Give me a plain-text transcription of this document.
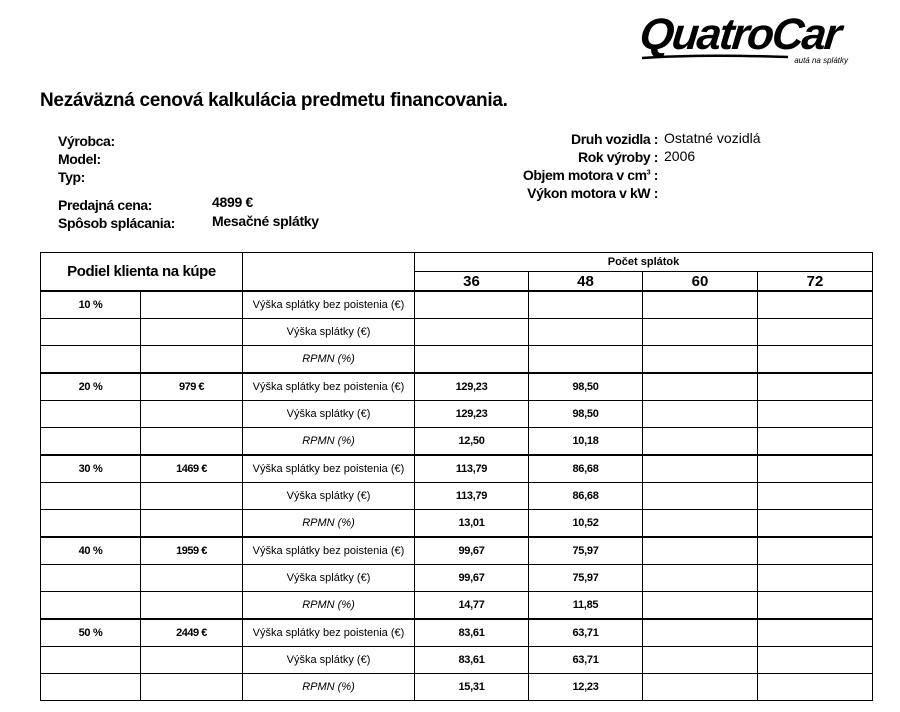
QuatroCar
autá na splátky
Nezáväzná cenová kalkulácia predmetu financovania.
Výrobca:
Model:
Typ:
Predajná cena:	4899 €
Spôsob splácania:	Mesačné splátky
Druh vozidla : Ostatné vozidlá
Rok výroby : 2006
Objem motora v $cm^3$ :
Výkon motora v kW :
Podiel klienta na kúpe			Počet splátok			
			36	48	60	72
10 %		Výška splátky bez poistenia (€)				
		Výška splátky (€)				
		RPMN (%)				
20 %	979 €	Výška splátky bez poistenia (€)	129,23	98,50		
		Výška splátky (€)	129,23	98,50		
		RPMN (%)	12,50	10,18		
30 %	1469 €	Výška splátky bez poistenia (€)	113,79	86,68		
		Výška splátky (€)	113,79	86,68		
		RPMN (%)	13,01	10,52		
40 %	1959 €	Výška splátky bez poistenia (€)	99,67	75,97		
		Výška splátky (€)	99,67	75,97		
		RPMN (%)	14,77	11,85		
50 %	2449 €	Výška splátky bez poistenia (€)	83,61	63,71		
		Výška splátky (€)	83,61	63,71		
		RPMN (%)	15,31	12,23		
